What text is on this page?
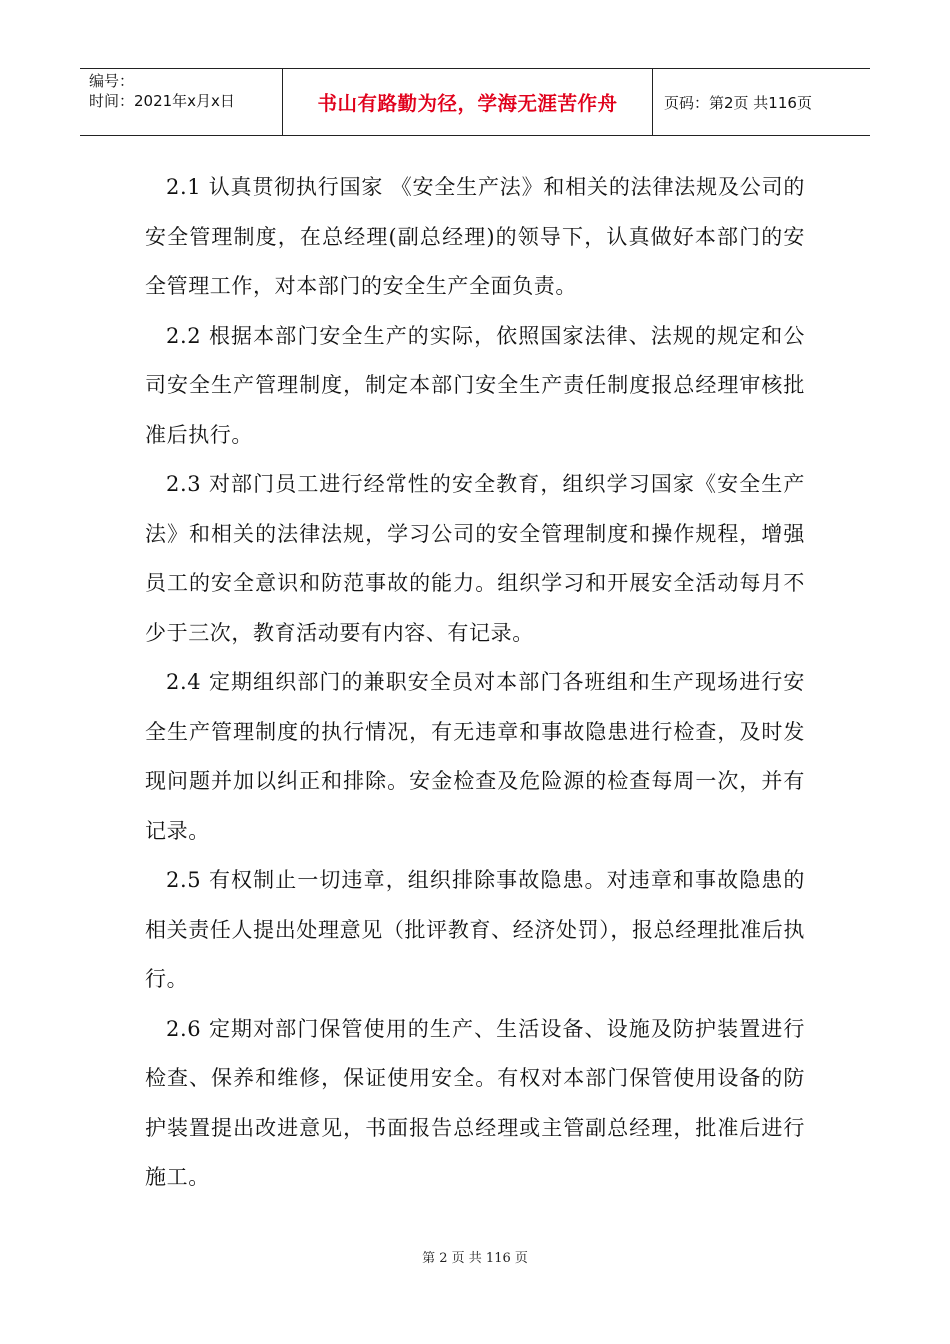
编号：
时间：2021年x月x日	书山有路勤为径，学海无涯苦作舟	页码：第2页 共116页

2.1 认真贯彻执行国家 《安全生产法》和相关的法律法规及公司的安全管理制度，在总经理(副总经理)的领导下，认真做好本部门的安全管理工作，对本部门的安全生产全面负责。

2.2 根据本部门安全生产的实际，依照国家法律、法规的规定和公司安全生产管理制度，制定本部门安全生产责任制度报总经理审核批准后执行。

2.3 对部门员工进行经常性的安全教育，组织学习国家《安全生产法》和相关的法律法规，学习公司的安全管理制度和操作规程，增强员工的安全意识和防范事故的能力。组织学习和开展安全活动每月不少于三次，教育活动要有内容、有记录。

2.4 定期组织部门的兼职安全员对本部门各班组和生产现场进行安全生产管理制度的执行情况，有无违章和事故隐患进行检查，及时发现问题并加以纠正和排除。安金检查及危险源的检查每周一次，并有记录。

2.5 有权制止一切违章，组织排除事故隐患。对违章和事故隐患的相关责任人提出处理意见（批评教育、经济处罚），报总经理批准后执行。

2.6 定期对部门保管使用的生产、生活设备、设施及防护装置进行检查、保养和维修，保证使用安全。有权对本部门保管使用设备的防护装置提出改进意见，书面报告总经理或主管副总经理，批准后进行施工。

第 2 页 共 116 页
